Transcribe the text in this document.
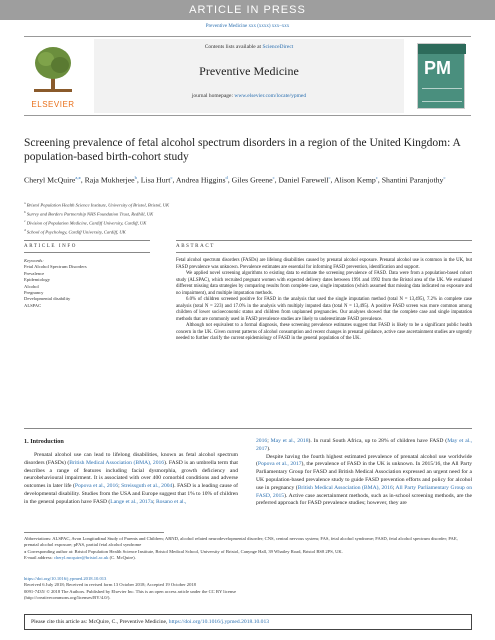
ARTICLE IN PRESS
Preventive Medicine xxx (xxxx) xxx–xxx
ELSEVIER
Contents lists available at ScienceDirect
Preventive Medicine
journal homepage: www.elsevier.com/locate/ypmed
PM
Screening prevalence of fetal alcohol spectrum disorders in a region of the United Kingdom: A population-based birth-cohort study
Cheryl McQuire$^{a,⁎}$, Raja Mukherjee$^b$, Lisa Hurt$^c$, Andrea Higgins$^d$, Giles Greene$^c$, Daniel Farewell$^c$, Alison Kemp$^c$, Shantini Paranjothy$^c$
$^a$ Bristol Population Health Science Institute, University of Bristol, Bristol, UK
$^b$ Surrey and Borders Partnership NHS Foundation Trust, Redhill, UK
$^c$ Division of Population Medicine, Cardiff University, Cardiff, UK
$^d$ School of Psychology, Cardiff University, Cardiff, UK
ARTICLE INFO	ABSTRACT
Keywords:
Fetal Alcohol Spectrum Disorders
Prevalence
Epidemiology
Alcohol
Pregnancy
Developmental disability
ALSPAC

Fetal alcohol spectrum disorders (FASDs) are lifelong disabilities caused by prenatal alcohol exposure. Prenatal alcohol use is common in the UK, but FASD prevalence was unknown. Prevalence estimates are essential for informing FASD prevention, identification and support.

We applied novel screening algorithms to existing data to estimate the screening prevalence of FASD. Data were from a population-based cohort study (ALSPAC), which recruited pregnant women with expected delivery dates between 1991 and 1992 from the Bristol area of the UK. We evaluated different missing data strategies by comparing results from complete case, single imputation (which assumed that missing data indicated no exposure and no impairment), and multiple imputation methods.

6.0% of children screened positive for FASD in the analysis that used the single imputation method (total N = 13,495), 7.2% in complete case analysis (total N = 223) and 17.0% in the analysis with multiply imputed data (total N = 13,495). A positive FASD screen was more common among children of lower socioeconomic status and children from unplanned pregnancies. Our analyses showed that the complete case and single imputation methods that are commonly used in FASD prevalence studies are likely to underestimate FASD prevalence.

Although not equivalent to a formal diagnosis, these screening prevalence estimates suggest that FASD is likely to be a significant public health concern in the UK. Given current patterns of alcohol consumption and recent changes in prenatal guidance, active case ascertainment studies are urgently needed to further clarify the current epidemiology of FASD in the general population of the UK.

1. Introduction
Prenatal alcohol use can lead to lifelong disabilities, known as fetal alcohol spectrum disorders (FASDs) (British Medical Association (BMA), 2016). FASD is an umbrella term that describes a range of features including facial dysmorphia, growth deficiency and neurobehavioural impairment. It is associated with over 400 comorbid conditions and adverse outcomes in later life (Popova et al., 2016; Streissguth et al., 2004). FASD is a leading cause of developmental disability. Studies from the USA and Europe suggest that 1% to 10% of children in the general population have FASD (Lange et al., 2017a; Rosano et al.,
2016; May et al., 2018). In rural South Africa, up to 28% of children have FASD (May et al., 2017).
Despite having the fourth highest estimated prevalence of prenatal alcohol use worldwide (Popova et al., 2017), the prevalence of FASD in the UK is unknown. In 2015/16, the All Party Parliamentary Group for FASD and British Medical Association expressed an urgent need for a UK population-based prevalence study to guide FASD prevention efforts and policy for alcohol use in pregnancy (British Medical Association (BMA), 2016; All Party Parliamentary Group on FASD, 2015). Active case ascertainment methods, such as in-school screening methods, are the preferred approach for FASD prevalence studies; however, they are
Abbreviations: ALSPAC, Avon Longitudinal Study of Parents and Children; ARND, alcohol related neurodevelopmental disorder; CNS, central nervous system; FAS, fetal alcohol syndrome; FASD, fetal alcohol spectrum disorder; PAE, prenatal alcohol exposure; pFAS, partial fetal alcohol syndrome
⁎ Corresponding author at: Bristol Population Health Science Institute, Bristol Medical School, University of Bristol, Canynge Hall, 39 Whatley Road, Bristol BS8 2PS, UK.
E-mail address: cheryl.mcquire@bristol.ac.uk (C. McQuire).
https://doi.org/10.1016/j.ypmed.2018.10.013
Received 6 July 2018; Received in revised form 13 October 2018; Accepted 19 October 2018
0091-7435/ © 2018 The Authors. Published by Elsevier Inc. This is an open access article under the CC BY license
(http://creativecommons.org/licenses/BY/4.0/).
Please cite this article as: McQuire, C., Preventive Medicine, https://doi.org/10.1016/j.ypmed.2018.10.013
